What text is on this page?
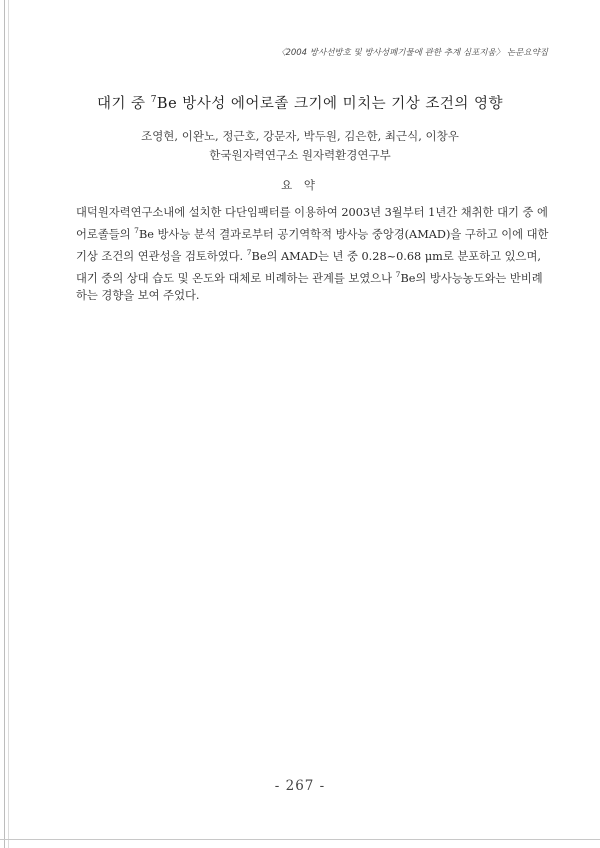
〈2004 방사선방호 및 방사성폐기물에 관한 추계 심포지움〉 논문요약집
대기 중 $^7$Be 방사성 에어로졸 크기에 미치는 기상 조건의 영향
조영현, 이완노, 정근호, 강문자, 박두원, 김은한, 최근식, 이창우
한국원자력연구소 원자력환경연구부
요 약
대덕원자력연구소내에 설치한 다단임팩터를 이용하여 2003년 3월부터 1년간 채취한 대기 중 에
어로졸들의 $^7$Be 방사능 분석 결과로부터 공기역학적 방사능 중앙경(AMAD)을 구하고 이에 대한
기상 조건의 연관성을 검토하였다. $^7$Be의 AMAD는 년 중 0.28~0.68 μm로 분포하고 있으며,
대기 중의 상대 습도 및 온도와 대체로 비례하는 관계를 보였으나 $^7$Be의 방사능농도와는 반비례
하는 경향을 보여 주었다.
- 267 -
